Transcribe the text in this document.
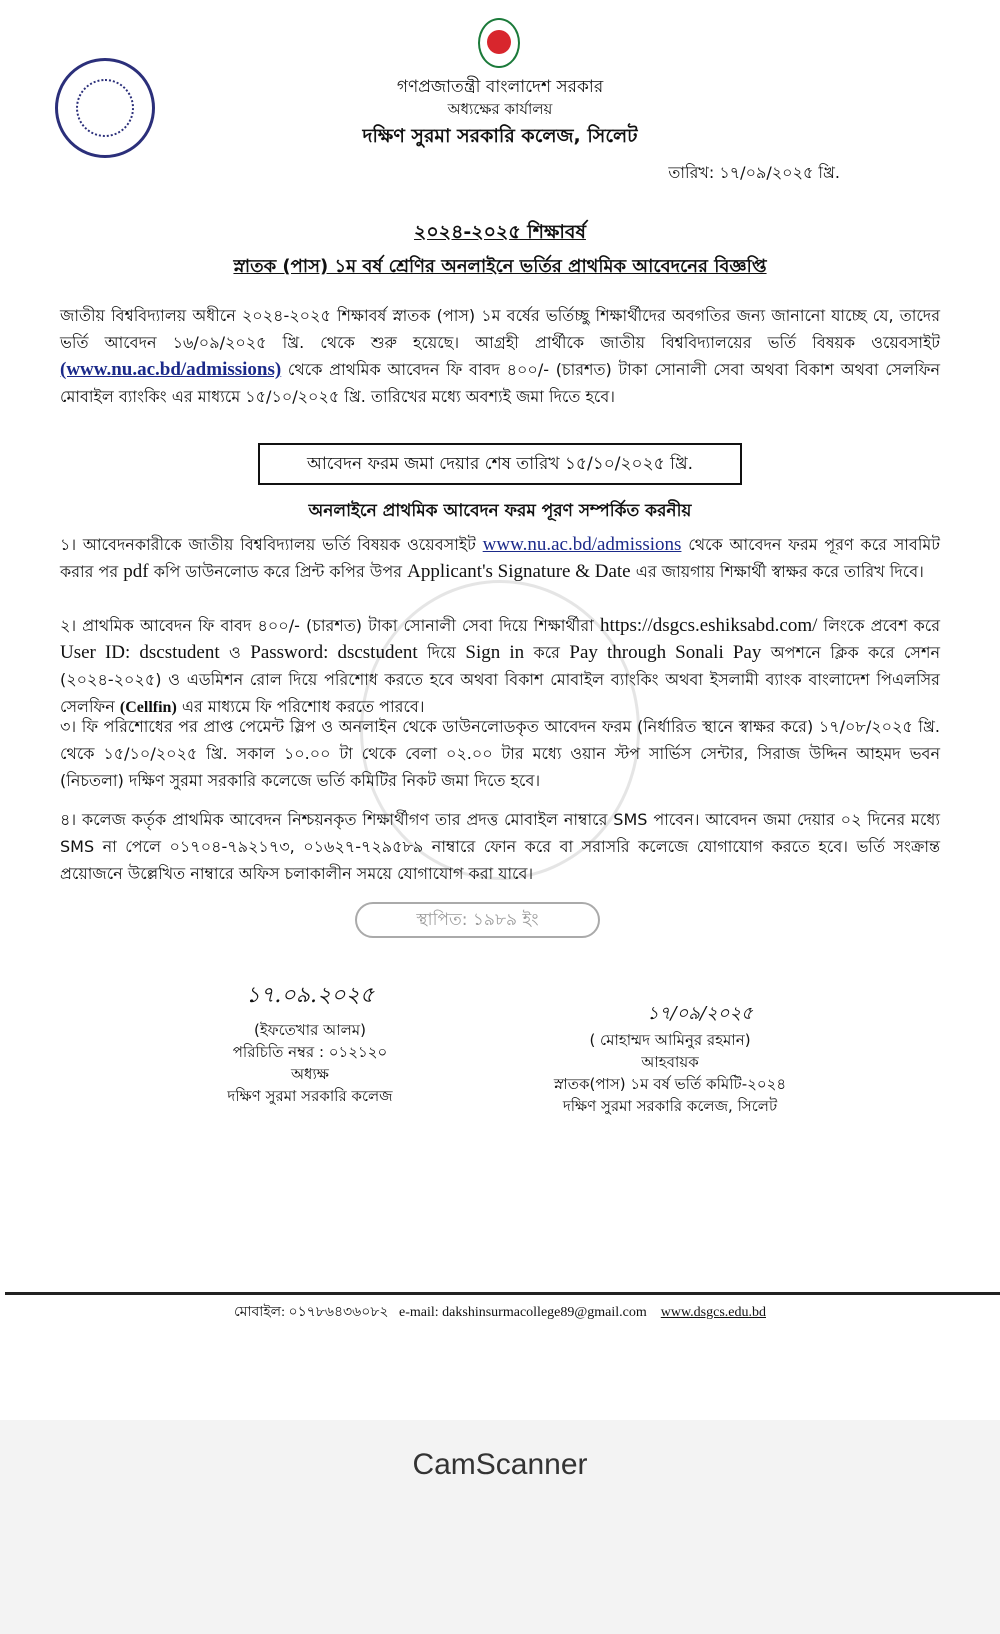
গণপ্রজাতন্ত্রী বাংলাদেশ সরকার
অধ্যক্ষের কার্যালয়
দক্ষিণ সুরমা সরকারি কলেজ, সিলেট
তারিখ: ১৭/০৯/২০২৫ খ্রি.
২০২৪-২০২৫ শিক্ষাবর্ষ
স্নাতক (পাস) ১ম বর্ষ শ্রেণির অনলাইনে ভর্তির প্রাথমিক আবেদনের বিজ্ঞপ্তি
জাতীয় বিশ্ববিদ্যালয় অধীনে ২০২৪-২০২৫ শিক্ষাবর্ষ স্নাতক (পাস) ১ম বর্ষের ভর্তিচ্ছু শিক্ষার্থীদের অবগতির জন্য জানানো যাচ্ছে যে, তাদের ভর্তি আবেদন ১৬/০৯/২০২৫ খ্রি. থেকে শুরু হয়েছে। আগ্রহী প্রার্থীকে জাতীয় বিশ্ববিদ্যালয়ের ভর্তি বিষয়ক ওয়েবসাইট (www.nu.ac.bd/admissions) থেকে প্রাথমিক আবেদন ফি বাবদ ৪০০/- (চারশত) টাকা সোনালী সেবা অথবা বিকাশ অথবা সেলফিন মোবাইল ব্যাংকিং এর মাধ্যমে ১৫/১০/২০২৫ খ্রি. তারিখের মধ্যে অবশ্যই জমা দিতে হবে।
আবেদন ফরম জমা দেয়ার শেষ তারিখ ১৫/১০/২০২৫ খ্রি.
অনলাইনে প্রাথমিক আবেদন ফরম পূরণ সম্পর্কিত করনীয়
১। আবেদনকারীকে জাতীয় বিশ্ববিদ্যালয় ভর্তি বিষয়ক ওয়েবসাইট www.nu.ac.bd/admissions থেকে আবেদন ফরম পূরণ করে সাবমিট করার পর pdf কপি ডাউনলোড করে প্রিন্ট কপির উপর Applicant's Signature & Date এর জায়গায় শিক্ষার্থী স্বাক্ষর করে তারিখ দিবে।
২। প্রাথমিক আবেদন ফি বাবদ ৪০০/- (চারশত) টাকা সোনালী সেবা দিয়ে শিক্ষার্থীরা https://dsgcs.eshiksabd.com/ লিংকে প্রবেশ করে User ID: dscstudent ও Password: dscstudent দিয়ে Sign in করে Pay through Sonali Pay অপশনে ক্লিক করে সেশন (২০২৪-২০২৫) ও এডমিশন রোল দিয়ে পরিশোধ করতে হবে অথবা বিকাশ মোবাইল ব্যাংকিং অথবা ইসলামী ব্যাংক বাংলাদেশ পিএলসির সেলফিন (Cellfin) এর মাধ্যমে ফি পরিশোধ করতে পারবে।
৩। ফি পরিশোধের পর প্রাপ্ত পেমেন্ট স্লিপ ও অনলাইন থেকে ডাউনলোডকৃত আবেদন ফরম (নির্ধারিত স্থানে স্বাক্ষর করে) ১৭/০৮/২০২৫ খ্রি. থেকে ১৫/১০/২০২৫ খ্রি. সকাল ১০.০০ টা থেকে বেলা ০২.০০ টার মধ্যে ওয়ান স্টপ সার্ভিস সেন্টার, সিরাজ উদ্দিন আহমদ ভবন (নিচতলা) দক্ষিণ সুরমা সরকারি কলেজে ভর্তি কমিটির নিকট জমা দিতে হবে।
৪। কলেজ কর্তৃক প্রাথমিক আবেদন নিশ্চয়নকৃত শিক্ষার্থীগণ তার প্রদত্ত মোবাইল নাম্বারে SMS পাবেন। আবেদন জমা দেয়ার ০২ দিনের মধ্যে SMS না পেলে ০১৭০৪-৭৯২১৭৩, ০১৬২৭-৭২৯৫৮৯ নাম্বারে ফোন করে বা সরাসরি কলেজে যোগাযোগ করতে হবে। ভর্তি সংক্রান্ত প্রয়োজনে উল্লেখিত নাম্বারে অফিস চলাকালীন সময়ে যোগাযোগ করা যাবে।
স্থাপিত: ১৯৮৯ ইং
১৭.০৯.২০২৫
(ইফতেখার আলম)
পরিচিতি নম্বর : ০১২১২০
অধ্যক্ষ
দক্ষিণ সুরমা সরকারি কলেজ
১৭/০৯/২০২৫
( মোহাম্মদ আমিনুর রহমান)
আহবায়ক
স্নাতক(পাস) ১ম বর্ষ ভর্তি কমিটি-২০২৪
দক্ষিণ সুরমা সরকারি কলেজ, সিলেট
মোবাইল: ০১৭৮৬৪৩৬০৮২ e-mail: dakshinsurmacollege89@gmail.com www.dsgcs.edu.bd
CamScanner
